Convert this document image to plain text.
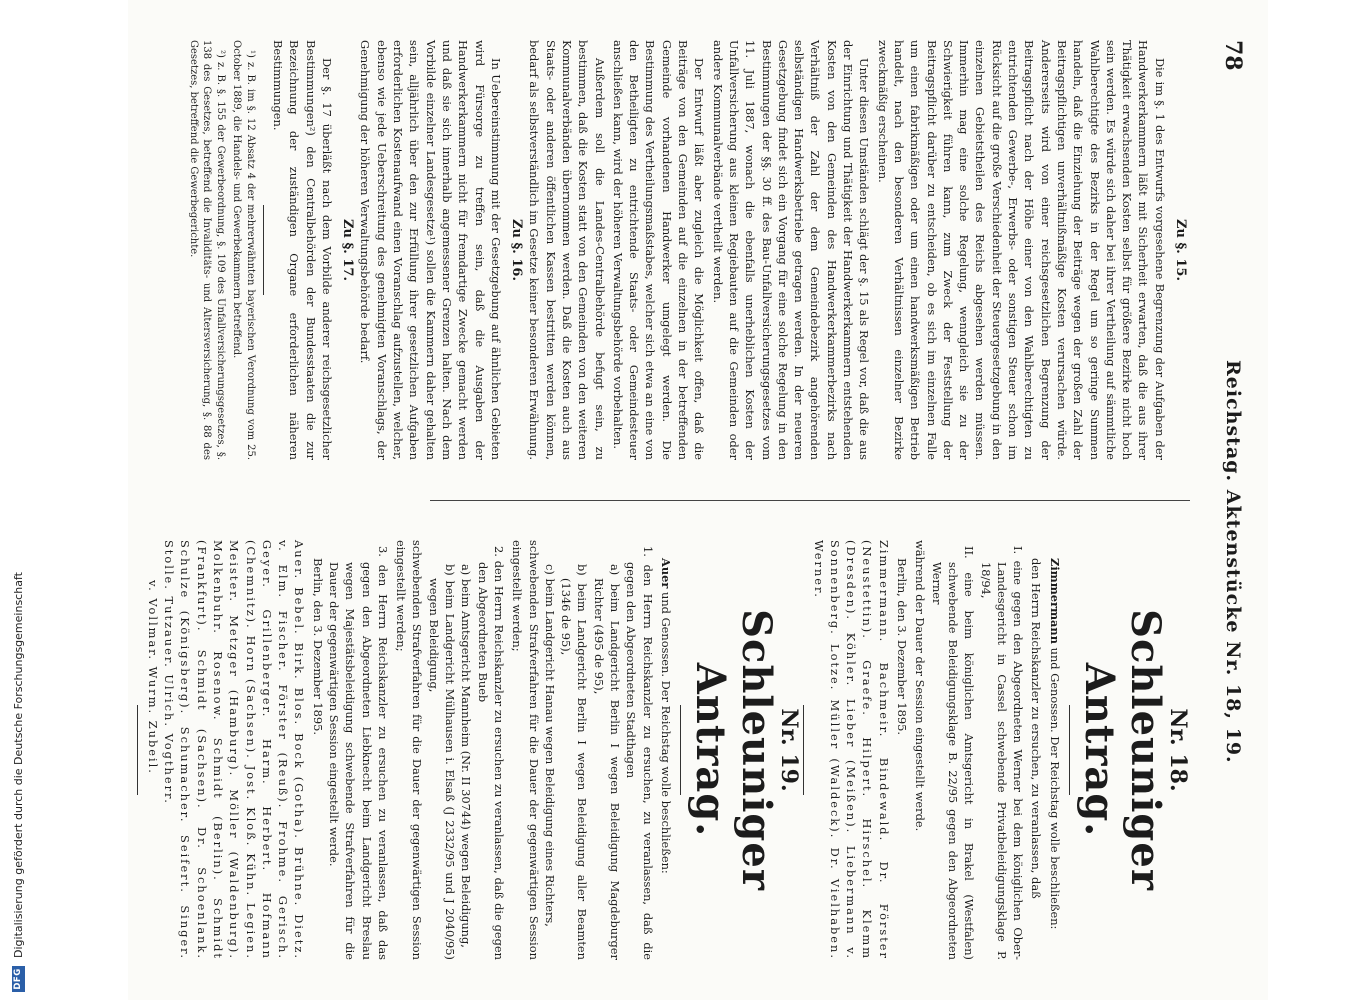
DFG
Digitalisierung gefördert durch die Deutsche Forschungsgemeinschaft
78
Reichstag. Aktenstücke Nr. 18, 19.
Zu §. 15.

Die im §. 1 des Entwurfs vorgesehene Begrenzung der Aufgaben der Handwerkerkammern läßt mit Sicherheit erwarten, daß die aus ihrer Thätigkeit erwachsenden Kosten selbst für größere Bezirke nicht hoch sein werden. Es würde sich daher bei ihrer Vertheilung auf sämmtliche Wahlberechtigte des Bezirks in der Regel um so geringe Summen handeln, daß die Einziehung der Beiträge wegen der großen Zahl der Beitragspflichtigen unverhältnißmäßige Kosten verursachen würde. Andererseits wird von einer reichsgesetzlichen Begrenzung der Beitragspflicht nach der Höhe einer von den Wahlberechtigten zu entrichtenden Gewerbe-, Erwerbs- oder sonstigen Steuer schon im Rücksicht auf die große Verschiedenheit der Steuergesetzgebung in den einzelnen Gebietstheilen des Reichs abgesehen werden müssen. Immerhin mag eine solche Regelung, wenngleich sie zu der Schwierigkeit führen kann, zum Zweck der Feststellung der Beitragspflicht darüber zu entscheiden, ob es sich im einzelnen Falle um einen fabrikmäßigen oder um einen handwerksmäßigen Betrieb handelt, nach den besonderen Verhältnissen einzelner Bezirke zweckmäßig erscheinen.

Unter diesen Umständen schlägt der §. 15 als Regel vor, daß die aus der Einrichtung und Thätigkeit der Handwerkerkammern entstehenden Kosten von den Gemeinden des Handwerkerkammerbezirks nach Verhältniß der Zahl der dem Gemeindebezirk angehörenden selbständigen Handwerksbetriebe getragen werden. In der neueren Gesetzgebung findet sich ein Vorgang für eine solche Regelung in den Bestimmungen der §§. 30 ff. des Bau-Unfallversicherungsgesetzes vom 11. Juli 1887, wonach die ebenfalls unerheblichen Kosten der Unfallversicherung aus kleinen Regiebauten auf die Gemeinden oder andere Kommunalverbände vertheilt werden.

Der Entwurf läßt aber zugleich die Möglichkeit offen, daß die Beiträge von den Gemeinden auf die einzelnen in der betreffenden Gemeinde vorhandenen Handwerker umgelegt werden. Die Bestimmung des Vertheilungsmaßstabes, welcher sich etwa an eine von den Betheiligten zu entrichtende Staats- oder Gemeindesteuer anschließen kann, wird der höheren Verwaltungsbehörde vorbehalten.

Außerdem soll die Landes-Centralbehörde befugt sein, zu bestimmen, daß die Kosten statt von den Gemeinden von den weiteren Kommunalverbänden übernommen werden. Daß die Kosten auch aus Staats- oder anderen öffentlichen Kassen bestritten werden können, bedarf als selbstverständlich im Gesetze keiner besonderen Erwähnung.

Zu §. 16.

In Uebereinstimmung mit der Gesetzgebung auf ähnlichen Gebieten wird Fürsorge zu treffen sein, daß die Ausgaben der Handwerkerkammern nicht für fremdartige Zwecke gemacht werden und daß sie sich innerhalb angemessener Grenzen halten. Nach dem Vorbilde einzelner Landesgesetze¹) sollen die Kammern daher gehalten sein, alljährlich über den zur Erfüllung ihrer gesetzlichen Aufgaben erforderlichen Kostenaufwand einen Voranschlag aufzustellen, welcher, ebenso wie jede Ueberschreitung des genehmigten Voranschlags, der Genehmigung der höheren Verwaltungsbehörde bedarf.

Zu §. 17.

Der §. 17 überläßt nach dem Vorbilde anderer reichsgesetzlicher Bestimmungen²) den Centralbehörden der Bundesstaaten die zur Bezeichnung der zuständigen Organe erforderlichen näheren Bestimmungen.

¹) z. B. im §. 12 Absatz 4 der mehrerwähnten bayerischen Verordnung vom 25. October 1889, die Handels- und Gewerbekammern betreffend.

²) z. B. §. 155 der Gewerbeordnung, §. 109 des Unfallversicherungsgesetzes, §. 138 des Gesetzes, betreffend die Invaliditäts- und Altersversicherung, §. 88 des Gesetzes, betreffend die Gewerbegerichte.

Nr. 18.
Schleuniger Antrag.

Zimmermann und Genossen. Der Reichstag wolle beschließen:

den Herrn Reichskanzler zu ersuchen, zu veranlassen, daß

I. eine gegen den Abgeordneten Werner bei dem königlichen Ober-Landesgericht in Cassel schwebende Privatbeleidigungsklage P. 18/94,

II. eine beim königlichen Amtsgericht in Brakel (Westfalen) schwebende Beleidigungsklage B. 22/95 gegen den Abgeordneten Werner

während der Dauer der Session eingestellt werde.

Berlin, den 3. Dezember 1895.

Zimmermann. Bachmeir. Bindewald. Dr. Förster (Neustettin). Graefe. Hilpert. Hirschel. Klemm (Dresden). Köhler. Lieber (Meißen). Liebermann v. Sonnenberg. Lotze. Müller (Waldeck). Dr. Vielhaben. Werner.

Nr. 19.
Schleuniger Antrag.

Auer und Genossen. Der Reichstag wolle beschließen:

1. den Herrn Reichskanzler zu ersuchen, zu veranlassen, daß die gegen den Abgeordneten Stadthagen

a) beim Landgericht Berlin I wegen Beleidigung Magdeburger Richter (495 de 95),

b) beim Landgericht Berlin I wegen Beleidigung aller Beamten (1346 de 95),

c) beim Landgericht Hanau wegen Beleidigung eines Richters,

schwebenden Strafverfahren für die Dauer der gegenwärtigen Session eingestellt werden;

2. den Herrn Reichskanzler zu ersuchen zu veranlassen, daß die gegen den Abgeordneten Bueb

a) beim Amtsgericht Mannheim (Nr. II 30744) wegen Beleidigung,

b) beim Landgericht Mülhausen i. Elsaß (J 2332/95 und J 2040/95) wegen Beleidigung,

schwebenden Strafverfahren für die Dauer der gegenwärtigen Session eingestellt werden;

3. den Herrn Reichskanzler zu ersuchen zu veranlassen, daß das gegen den Abgeordneten Liebknecht beim Landgericht Breslau wegen Majestätsbeleidigung schwebende Strafverfahren für die Dauer der gegenwärtigen Session eingestellt werde.

Berlin, den 3. Dezember 1895.

Auer. Bebel. Birk. Blos. Bock (Gotha). Brühne. Dietz. v. Elm. Fischer. Förster (Reuß). Frohme. Gerisch. Geyer. Grillenberger. Harm. Herbert. Hofmann (Chemnitz). Horn (Sachsen). Jost. Kloß. Kühn. Legien. Meister. Metzger (Hamburg). Möller (Waldenburg). Molkenbuhr. Rosenow. Schmidt (Berlin). Schmidt (Frankfurt). Schmidt (Sachsen). Dr. Schoenlank. Schulze (Königsberg). Schumacher. Seifert. Singer. Stolle. Tutzauer. Ulrich. Vogtherr.

v. Vollmar. Wurm. Zubeil.
